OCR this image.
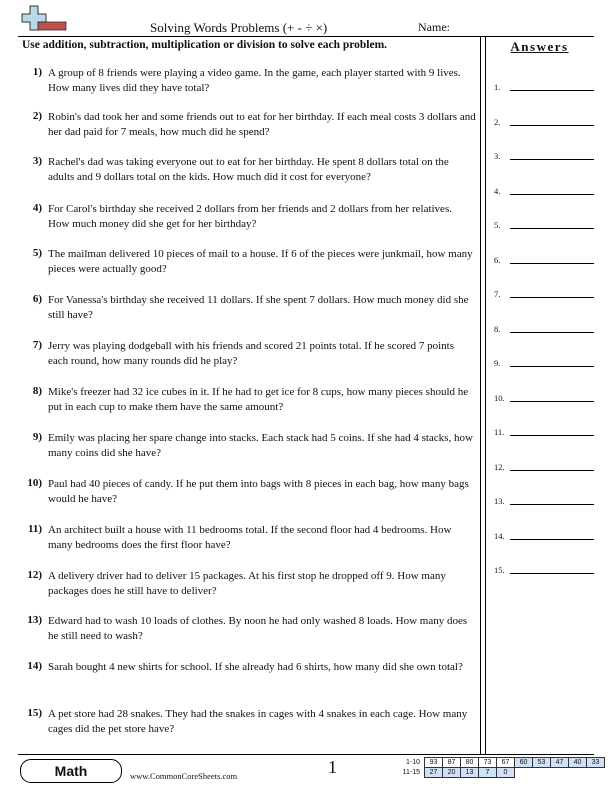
Solving Words Problems (+ - ÷ ×)	Name:
Use addition, subtraction, multiplication or division to solve each problem.	Answers
1) A group of 8 friends were playing a video game. In the game, each player started with 9 lives. How many lives did they have total?
2) Robin's dad took her and some friends out to eat for her birthday. If each meal costs 3 dollars and her dad paid for 7 meals, how much did he spend?
3) Rachel's dad was taking everyone out to eat for her birthday. He spent 8 dollars total on the adults and 9 dollars total on the kids. How much did it cost for everyone?
4) For Carol's birthday she received 2 dollars from her friends and 2 dollars from her relatives. How much money did she get for her birthday?
5) The mailman delivered 10 pieces of mail to a house. If 6 of the pieces were junkmail, how many pieces were actually good?
6) For Vanessa's birthday she received 11 dollars. If she spent 7 dollars. How much money did she still have?
7) Jerry was playing dodgeball with his friends and scored 21 points total. If he scored 7 points each round, how many rounds did he play?
8) Mike's freezer had 32 ice cubes in it. If he had to get ice for 8 cups, how many pieces should he put in each cup to make them have the same amount?
9) Emily was placing her spare change into stacks. Each stack had 5 coins. If she had 4 stacks, how many coins did she have?
10) Paul had 40 pieces of candy. If he put them into bags with 8 pieces in each bag, how many bags would he have?
11) An architect built a house with 11 bedrooms total. If the second floor had 4 bedrooms. How many bedrooms does the first floor have?
12) A delivery driver had to deliver 15 packages. At his first stop he dropped off 9. How many packages does he still have to deliver?
13) Edward had to wash 10 loads of clothes. By noon he had only washed 8 loads. How many does he still need to wash?
14) Sarah bought 4 new shirts for school. If she already had 6 shirts, how many did she own total?
15) A pet store had 28 snakes. They had the snakes in cages with 4 snakes in each cage. How many cages did the pet store have?
1.
2.
3.
4.
5.
6.
7.
8.
9.
10.
11.
12.
13.
14.
15.
Math	www.CommonCoreSheets.com	1	1-10	93	87	80	73	67	60	53	47	40	33
11-15	27	20	13	7	0					
